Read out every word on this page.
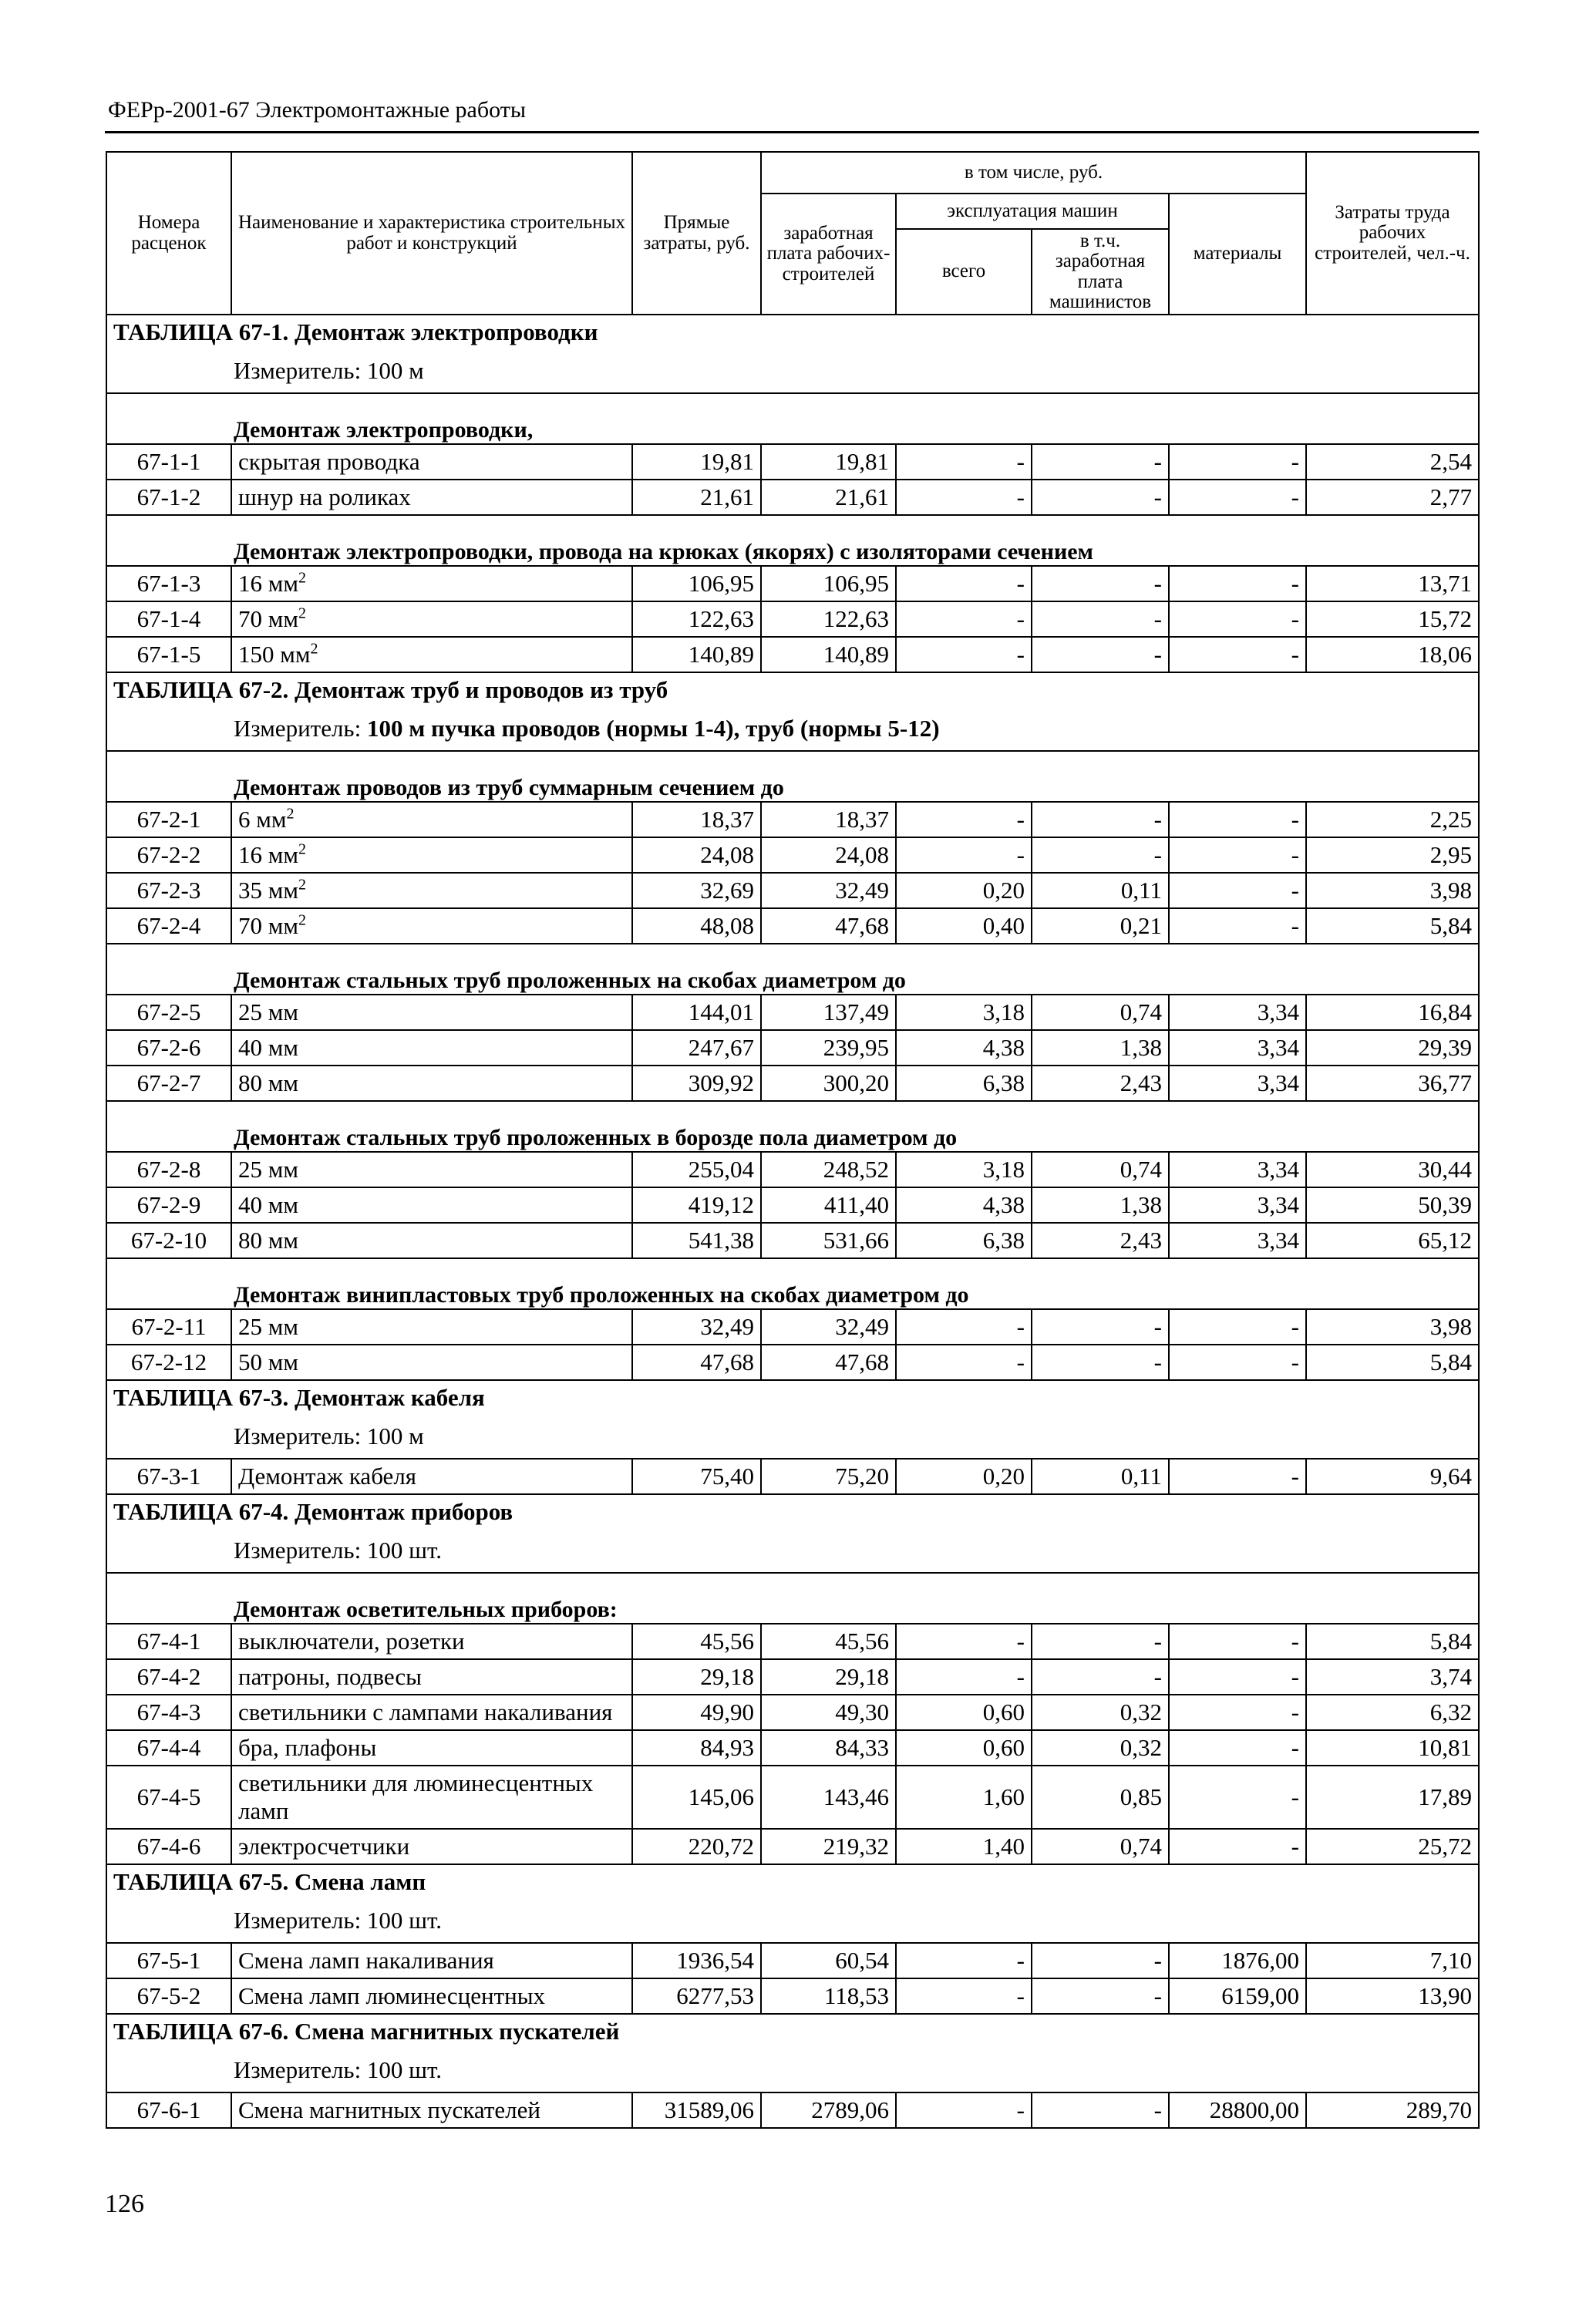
ФЕРр-2001-67 Электромонтажные работы
Номера расценок	Наименование и характеристика строительных работ и конструкций	Прямые затраты, руб.	в том числе, руб.				Затраты труда рабочих строителей, чел.-ч.
			заработная плата рабочих-строителей	эксплуатация машин		материалы	
				всего	в т.ч. заработная плата машинистов		
ТАБЛИЦА 67-1. Демонтаж электропроводки							
Измеритель: 100 м							
Демонтаж электропроводки,							
67-1-1	скрытая проводка	19,81	19,81	-	-	-	2,54
67-1-2	шнур на роликах	21,61	21,61	-	-	-	2,77
Демонтаж электропроводки, провода на крюках (якорях) с изоляторами сечением							
67-1-3	16 $мм^2$	106,95	106,95	-	-	-	13,71
67-1-4	70 $мм^2$	122,63	122,63	-	-	-	15,72
67-1-5	150 $мм^2$	140,89	140,89	-	-	-	18,06
ТАБЛИЦА 67-2. Демонтаж труб и проводов из труб							
Измеритель: 100 м пучка проводов (нормы 1-4), труб (нормы 5-12)							
Демонтаж проводов из труб суммарным сечением до							
67-2-1	6 $мм^2$	18,37	18,37	-	-	-	2,25
67-2-2	16 $мм^2$	24,08	24,08	-	-	-	2,95
67-2-3	35 $мм^2$	32,69	32,49	0,20	0,11	-	3,98
67-2-4	70 $мм^2$	48,08	47,68	0,40	0,21	-	5,84
Демонтаж стальных труб проложенных на скобах диаметром до							
67-2-5	25 мм	144,01	137,49	3,18	0,74	3,34	16,84
67-2-6	40 мм	247,67	239,95	4,38	1,38	3,34	29,39
67-2-7	80 мм	309,92	300,20	6,38	2,43	3,34	36,77
Демонтаж стальных труб проложенных в борозде пола диаметром до							
67-2-8	25 мм	255,04	248,52	3,18	0,74	3,34	30,44
67-2-9	40 мм	419,12	411,40	4,38	1,38	3,34	50,39
67-2-10	80 мм	541,38	531,66	6,38	2,43	3,34	65,12
Демонтаж винипластовых труб проложенных на скобах диаметром до							
67-2-11	25 мм	32,49	32,49	-	-	-	3,98
67-2-12	50 мм	47,68	47,68	-	-	-	5,84
ТАБЛИЦА 67-3. Демонтаж кабеля							
Измеритель: 100 м							
67-3-1	Демонтаж кабеля	75,40	75,20	0,20	0,11	-	9,64
ТАБЛИЦА 67-4. Демонтаж приборов							
Измеритель: 100 шт.							
Демонтаж осветительных приборов:							
67-4-1	выключатели, розетки	45,56	45,56	-	-	-	5,84
67-4-2	патроны, подвесы	29,18	29,18	-	-	-	3,74
67-4-3	светильники с лампами накаливания	49,90	49,30	0,60	0,32	-	6,32
67-4-4	бра, плафоны	84,93	84,33	0,60	0,32	-	10,81
67-4-5	светильники для люминесцентных ламп	145,06	143,46	1,60	0,85	-	17,89
67-4-6	электросчетчики	220,72	219,32	1,40	0,74	-	25,72
ТАБЛИЦА 67-5. Смена ламп							
Измеритель: 100 шт.							
67-5-1	Смена ламп накаливания	1936,54	60,54	-	-	1876,00	7,10
67-5-2	Смена ламп люминесцентных	6277,53	118,53	-	-	6159,00	13,90
ТАБЛИЦА 67-6. Смена магнитных пускателей							
Измеритель: 100 шт.							
67-6-1	Смена магнитных пускателей	31589,06	2789,06	-	-	28800,00	289,70
126
